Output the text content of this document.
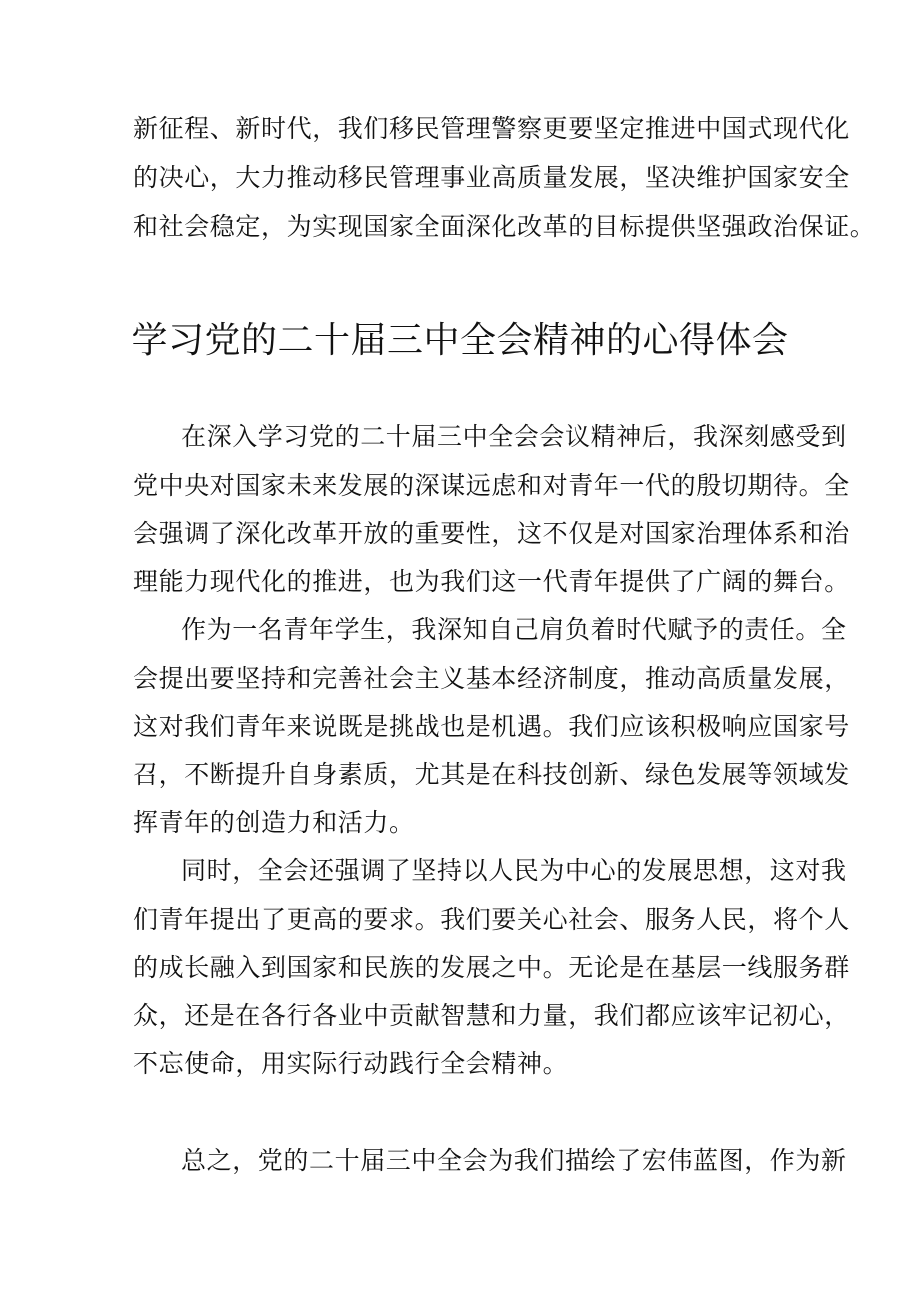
新征程、新时代，我们移民管理警察更要坚定推进中国式现代化
的决心，大力推动移民管理事业高质量发展，坚决维护国家安全
和社会稳定，为实现国家全面深化改革的目标提供坚强政治保证。
学习党的二十届三中全会精神的心得体会
在深入学习党的二十届三中全会会议精神后，我深刻感受到
党中央对国家未来发展的深谋远虑和对青年一代的殷切期待。全
会强调了深化改革开放的重要性，这不仅是对国家治理体系和治
理能力现代化的推进，也为我们这一代青年提供了广阔的舞台。
作为一名青年学生，我深知自己肩负着时代赋予的责任。全
会提出要坚持和完善社会主义基本经济制度，推动高质量发展，
这对我们青年来说既是挑战也是机遇。我们应该积极响应国家号
召，不断提升自身素质，尤其是在科技创新、绿色发展等领域发
挥青年的创造力和活力。
同时，全会还强调了坚持以人民为中心的发展思想，这对我
们青年提出了更高的要求。我们要关心社会、服务人民，将个人
的成长融入到国家和民族的发展之中。无论是在基层一线服务群
众，还是在各行各业中贡献智慧和力量，我们都应该牢记初心，
不忘使命，用实际行动践行全会精神。
总之，党的二十届三中全会为我们描绘了宏伟蓝图，作为新
